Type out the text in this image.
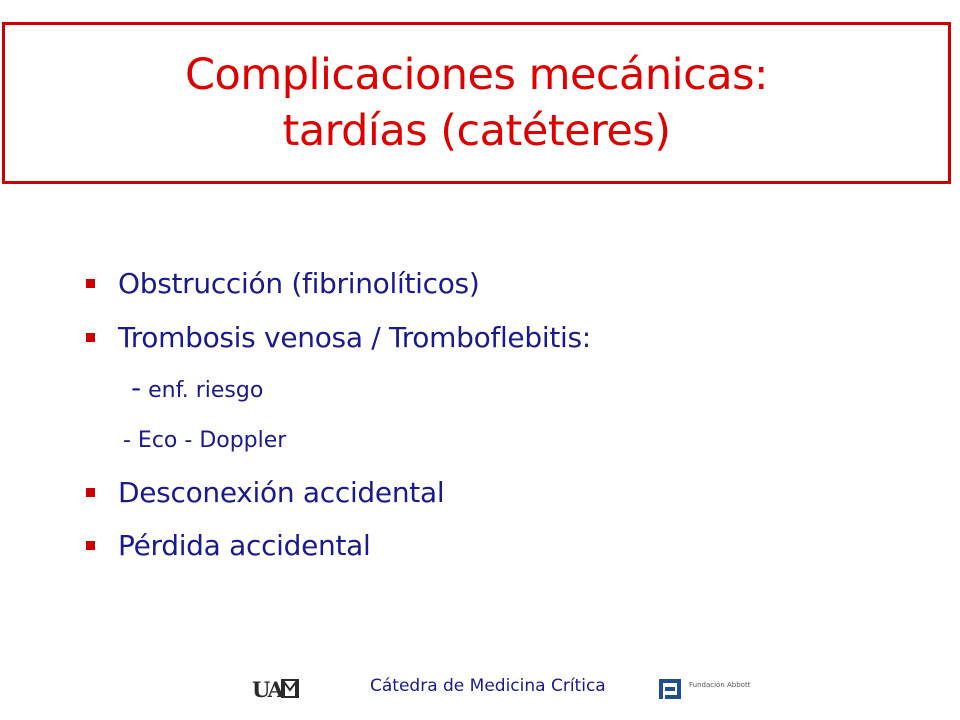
Complicaciones mecánicas:
tardías (catéteres)
Obstrucción (fibrinolíticos)
Trombosis venosa / Tromboflebitis:
- enf. riesgo
- Eco - Doppler
Desconexión accidental
Pérdida accidental
UA	Cátedra de Medicina Crítica	Fundación Abbott
